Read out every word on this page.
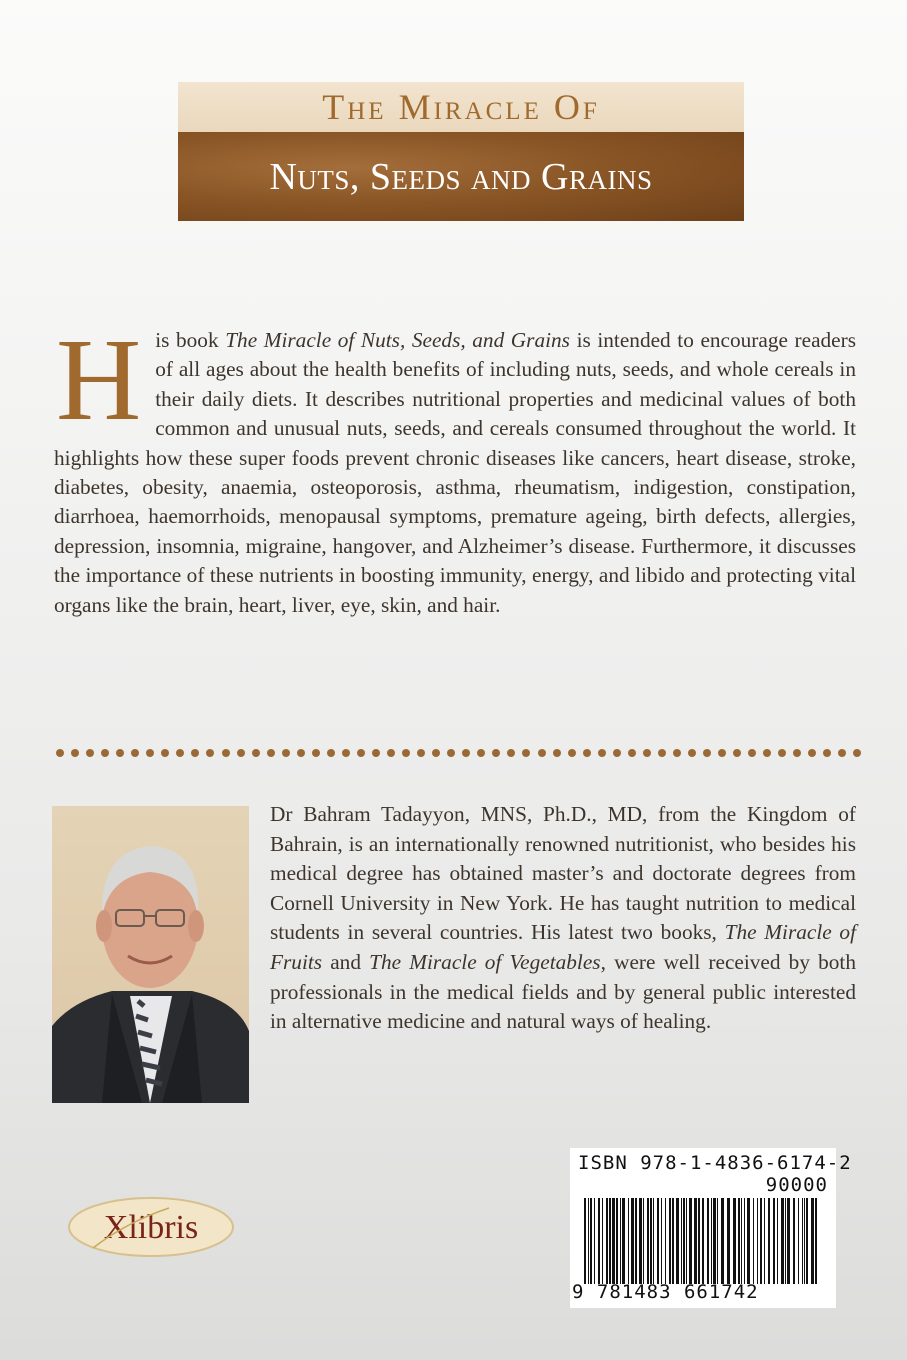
The Miracle Of
Nuts, Seeds and Grains
His book The Miracle of Nuts, Seeds, and Grains is intended to encourage readers of all ages about the health benefits of including nuts, seeds, and whole cereals in their daily diets. It describes nutritional properties and medicinal values of both common and unusual nuts, seeds, and cereals consumed throughout the world. It highlights how these super foods prevent chronic diseases like cancers, heart disease, stroke, diabetes, obesity, anaemia, osteoporosis, asthma, rheumatism, indigestion, constipation, diarrhoea, haemorrhoids, menopausal symptoms, premature ageing, birth defects, allergies, depression, insomnia, migraine, hangover, and Alzheimer’s disease. Furthermore, it discusses the importance of these nutrients in boosting immunity, energy, and libido and protecting vital organs like the brain, heart, liver, eye, skin, and hair.
Dr Bahram Tadayyon, MNS, Ph.D., MD, from the Kingdom of Bahrain, is an internationally renowned nutritionist, who besides his medical degree has obtained master’s and doctorate degrees from Cornell University in New York. He has taught nutrition to medical students in several countries. His latest two books, The Miracle of Fruits and The Miracle of Vegetables, were well received by both professionals in the medical fields and by general public interested in alternative medicine and natural ways of healing.
Xlibris
ISBN 978-1-4836-6174-2
90000
9 781483 661742
